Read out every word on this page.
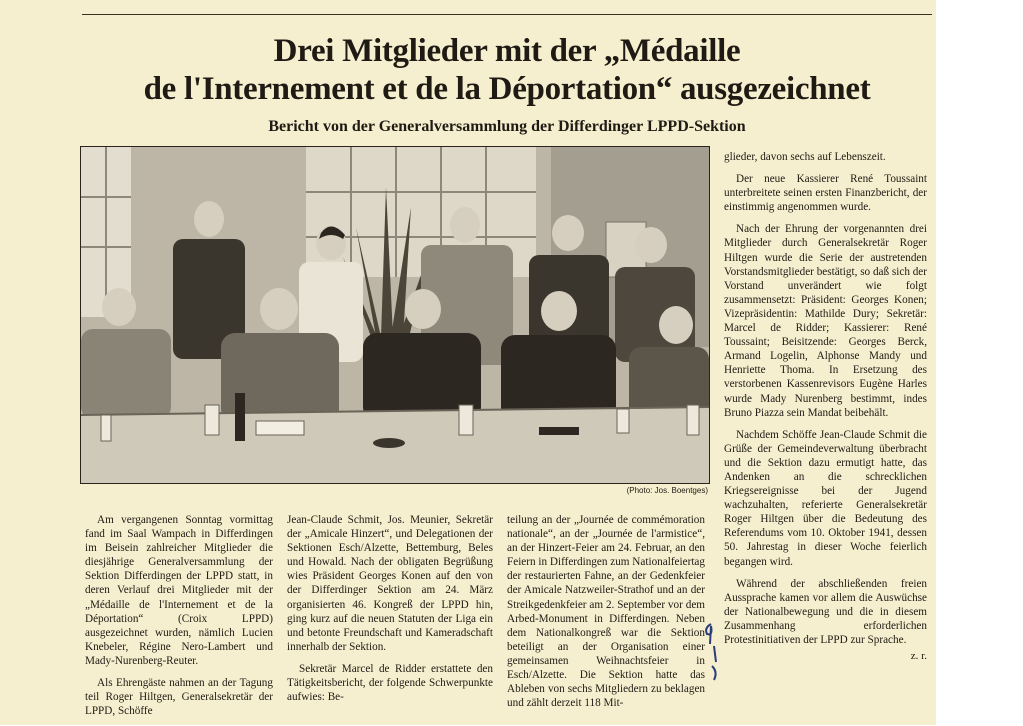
Drei Mitglieder mit der „Médaille
de l'Internement et de la Déportation“ ausgezeichnet
Bericht von der Generalversammlung der Differdinger LPPD-Sektion
(Photo: Jos. Boentges)

Am vergangenen Sonntag vormittag fand im Saal Wampach in Differdingen im Beisein zahlreicher Mitglieder die diesjährige Generalversammlung der Sektion Differdingen der LPPD statt, in deren Verlauf drei Mitglieder mit der „Médaille de l'Internement et de la Déportation“ (Croix LPPD) ausgezeichnet wurden, nämlich Lucien Knebeler, Régine Nero-Lambert und Mady-Nurenberg-Reuter.

Als Ehrengäste nahmen an der Tagung teil Roger Hiltgen, Generalsekretär der LPPD, Schöffe

Jean-Claude Schmit, Jos. Meunier, Sekretär der „Amicale Hinzert“, und Delegationen der Sektionen Esch/Alzette, Bettemburg, Beles und Howald. Nach der obligaten Begrüßung wies Präsident Georges Konen auf den von der Differdinger Sektion am 24. März organisierten 46. Kongreß der LPPD hin, ging kurz auf die neuen Statuten der Liga ein und betonte Freundschaft und Kameradschaft innerhalb der Sektion.

Sekretär Marcel de Ridder erstattete den Tätigkeitsbericht, der folgende Schwerpunkte aufwies: Be-

teilung an der „Journée de commémoration nationale“, an der „Journée de l'armistice“, an der Hinzert-Feier am 24. Februar, an den Feiern in Differdingen zum Nationalfeiertag der restaurierten Fahne, an der Gedenkfeier der Amicale Natzweiler-Strathof und an der Streikgedenkfeier am 2. September vor dem Arbed-Monument in Differdingen. Neben dem Nationalkongreß war die Sektion beteiligt an der Organisation einer gemeinsamen Weihnachtsfeier in Esch/Alzette. Die Sektion hatte das Ableben von sechs Mitgliedern zu beklagen und zählt derzeit 118 Mit-

glieder, davon sechs auf Lebenszeit.

Der neue Kassierer René Toussaint unterbreitete seinen ersten Finanzbericht, der einstimmig angenommen wurde.

Nach der Ehrung der vorgenannten drei Mitglieder durch Generalsekretär Roger Hiltgen wurde die Serie der austretenden Vorstandsmitglieder bestätigt, so daß sich der Vorstand unverändert wie folgt zusammensetzt: Präsident: Georges Konen; Vizepräsidentin: Mathilde Dury; Sekretär: Marcel de Ridder; Kassierer: René Toussaint; Beisitzende: Georges Berck, Armand Logelin, Alphonse Mandy und Henriette Thoma. In Ersetzung des verstorbenen Kassenrevisors Eugène Harles wurde Mady Nurenberg bestimmt, indes Bruno Piazza sein Mandat beibehält.

Nachdem Schöffe Jean-Claude Schmit die Grüße der Gemeindeverwaltung überbracht und die Sektion dazu ermutigt hatte, das Andenken an die schrecklichen Kriegsereignisse bei der Jugend wachzuhalten, referierte Generalsekretär Roger Hiltgen über die Bedeutung des Referendums vom 10. Oktober 1941, dessen 50. Jahrestag in dieser Woche feierlich begangen wird.

Während der abschließenden freien Aussprache kamen vor allem die Auswüchse der Nationalbewegung und die in diesem Zusammenhang erforderlichen Protestinitiativen der LPPD zur Sprache.

z. r.
